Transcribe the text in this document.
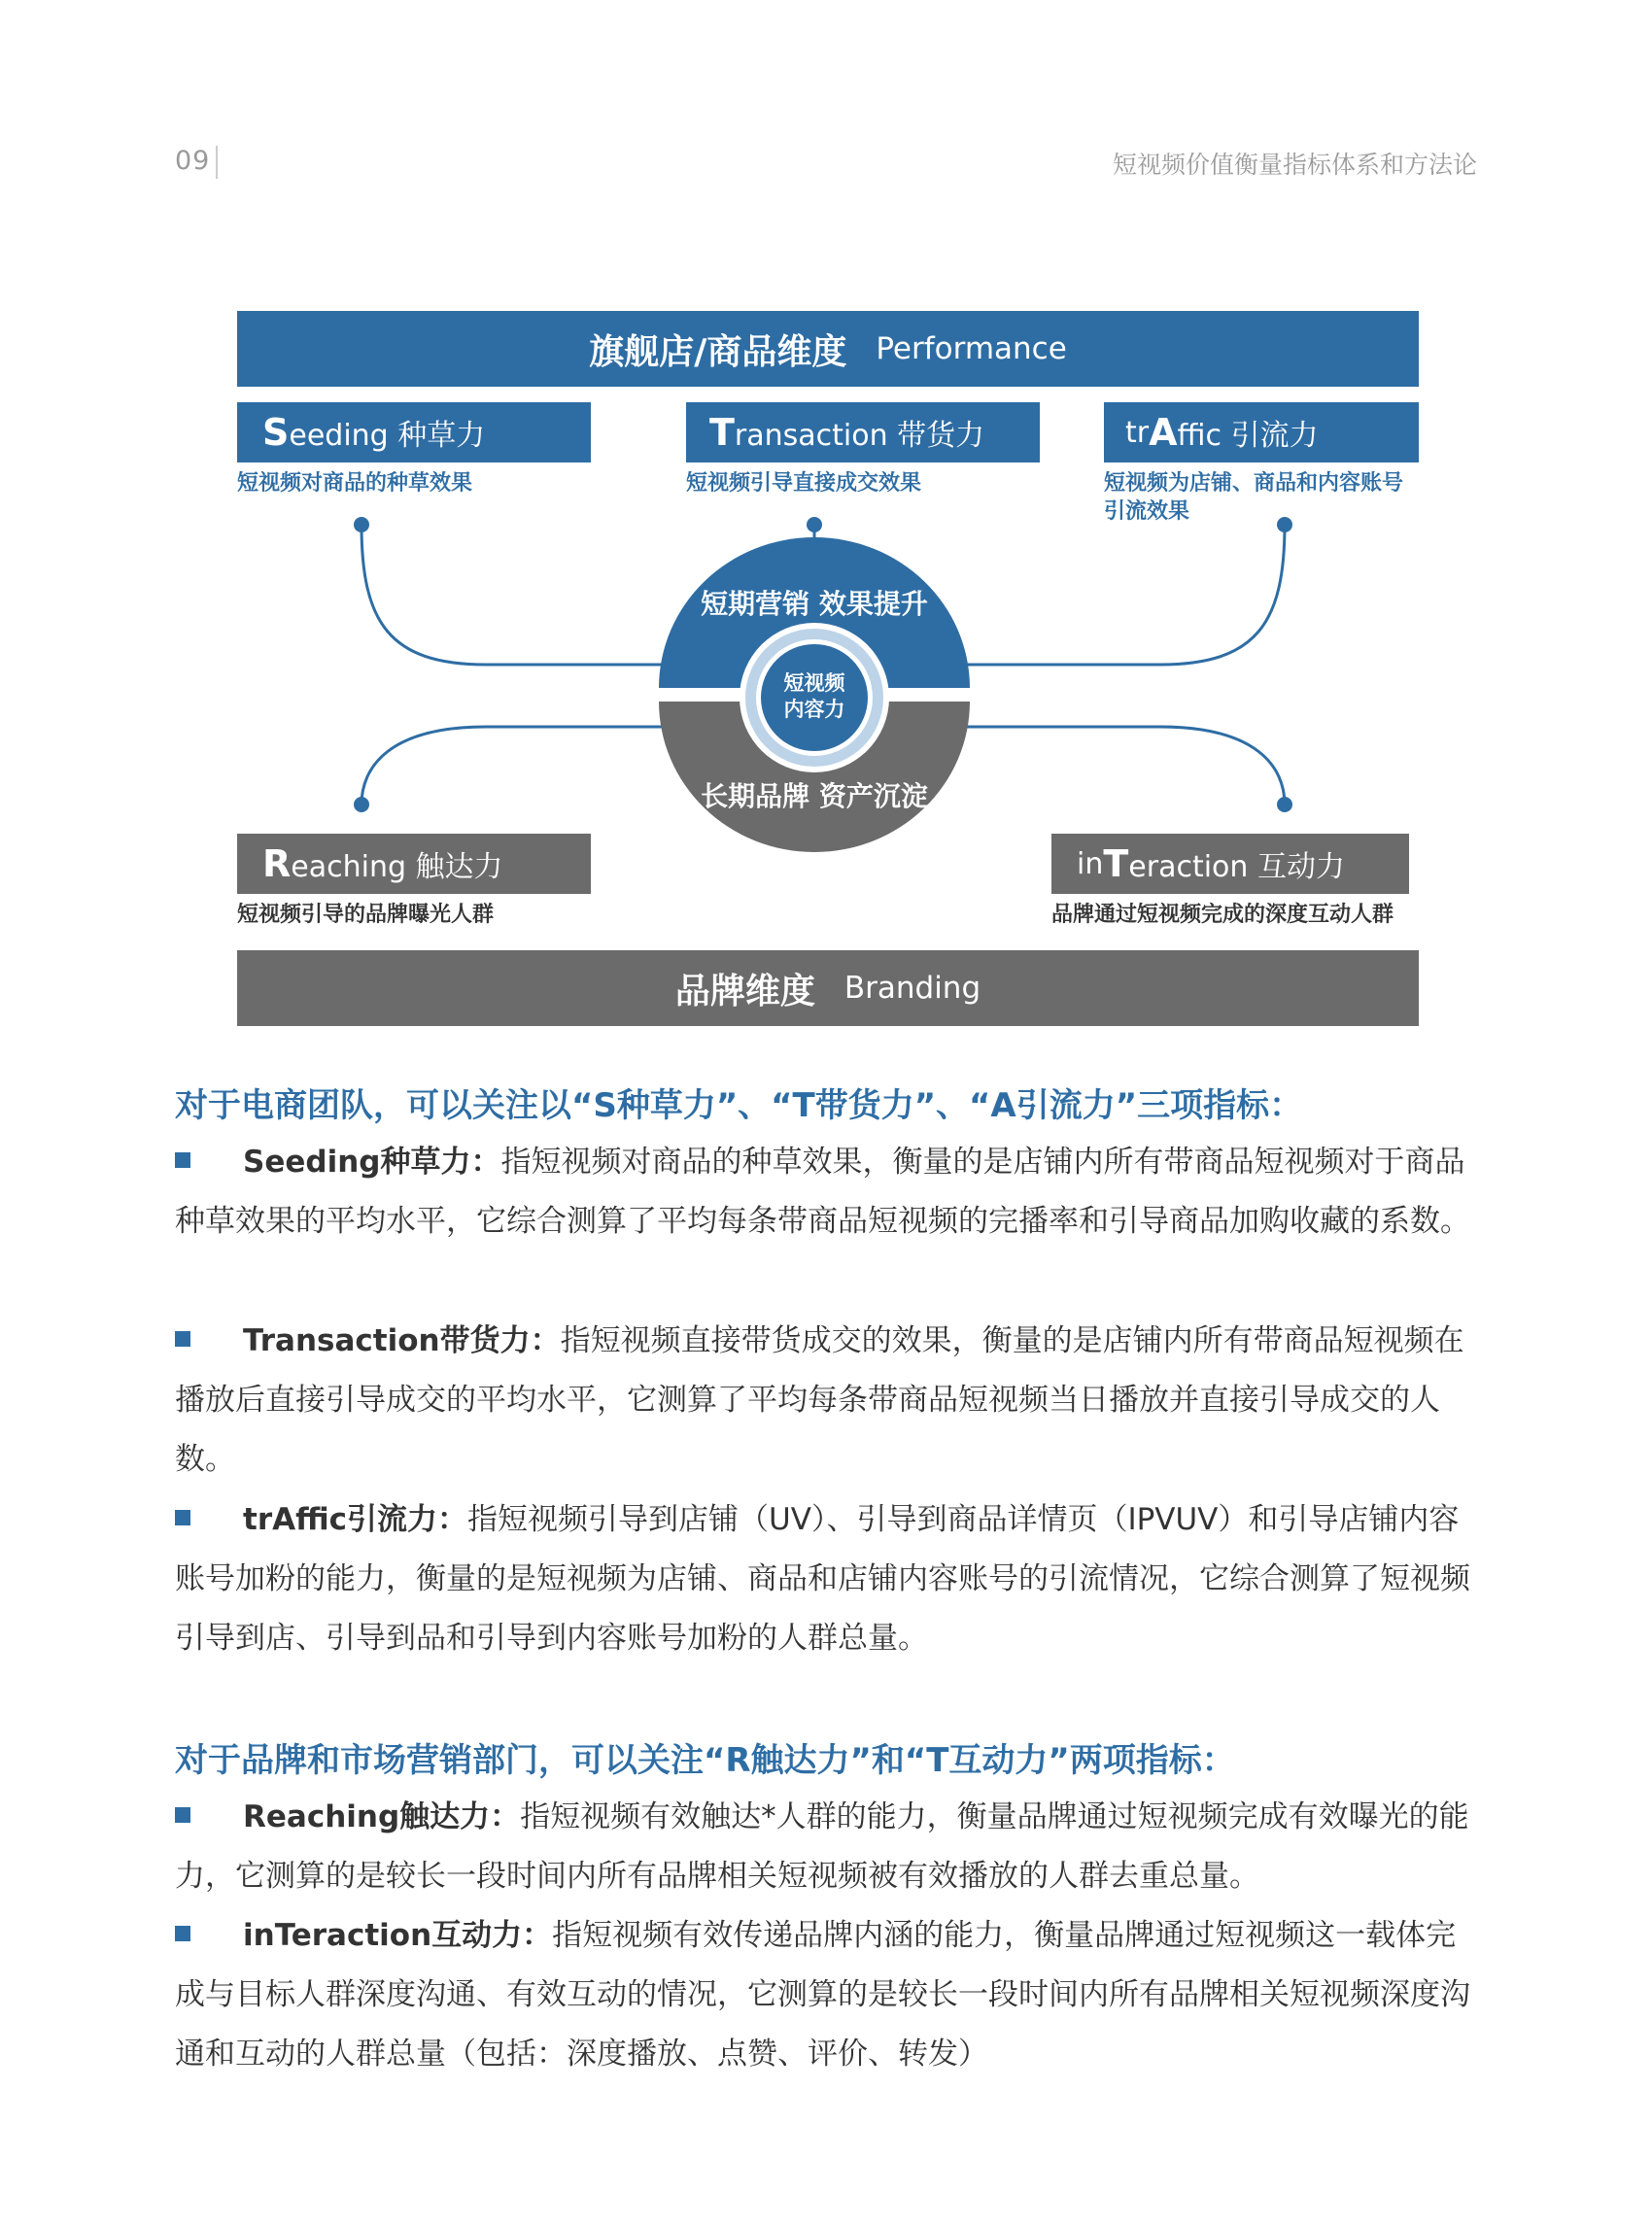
09	短视频价值衡量指标体系和方法论
旗舰店/商品维度 Performance
S eeding 种草力
短视频对商品的种草效果
T ransaction 带货力
短视频引导直接成交效果
tr A ffic 引流力
短视频为店铺、商品和内容账号
引流效果
短期营销 效果提升
长期品牌 资产沉淀
短视频
内容力
R eaching 触达力
短视频引导的品牌曝光人群
in T eraction 互动力
品牌通过短视频完成的深度互动人群
品牌维度 Branding
对于电商团队，可以关注以“S种草力”、“T带货力”、“A引流力”三项指标：
Seeding种草力：指短视频对商品的种草效果，衡量的是店铺内所有带商品短视频对于商品种草效果的平均水平，它综合测算了平均每条带商品短视频的完播率和引导商品加购收藏的系数。
Transaction带货力：指短视频直接带货成交的效果，衡量的是店铺内所有带商品短视频在播放后直接引导成交的平均水平，它测算了平均每条带商品短视频当日播放并直接引导成交的人数。
trAffic引流力：指短视频引导到店铺（UV）、引导到商品详情页（IPVUV）和引导店铺内容账号加粉的能力，衡量的是短视频为店铺、商品和店铺内容账号的引流情况，它综合测算了短视频引导到店、引导到品和引导到内容账号加粉的人群总量。
对于品牌和市场营销部门，可以关注“R触达力”和“T互动力”两项指标：
Reaching触达力：指短视频有效触达*人群的能力，衡量品牌通过短视频完成有效曝光的能力，它测算的是较长一段时间内所有品牌相关短视频被有效播放的人群去重总量。
inTeraction互动力：指短视频有效传递品牌内涵的能力，衡量品牌通过短视频这一载体完成与目标人群深度沟通、有效互动的情况，它测算的是较长一段时间内所有品牌相关短视频深度沟通和互动的人群总量（包括：深度播放、点赞、评价、转发）
